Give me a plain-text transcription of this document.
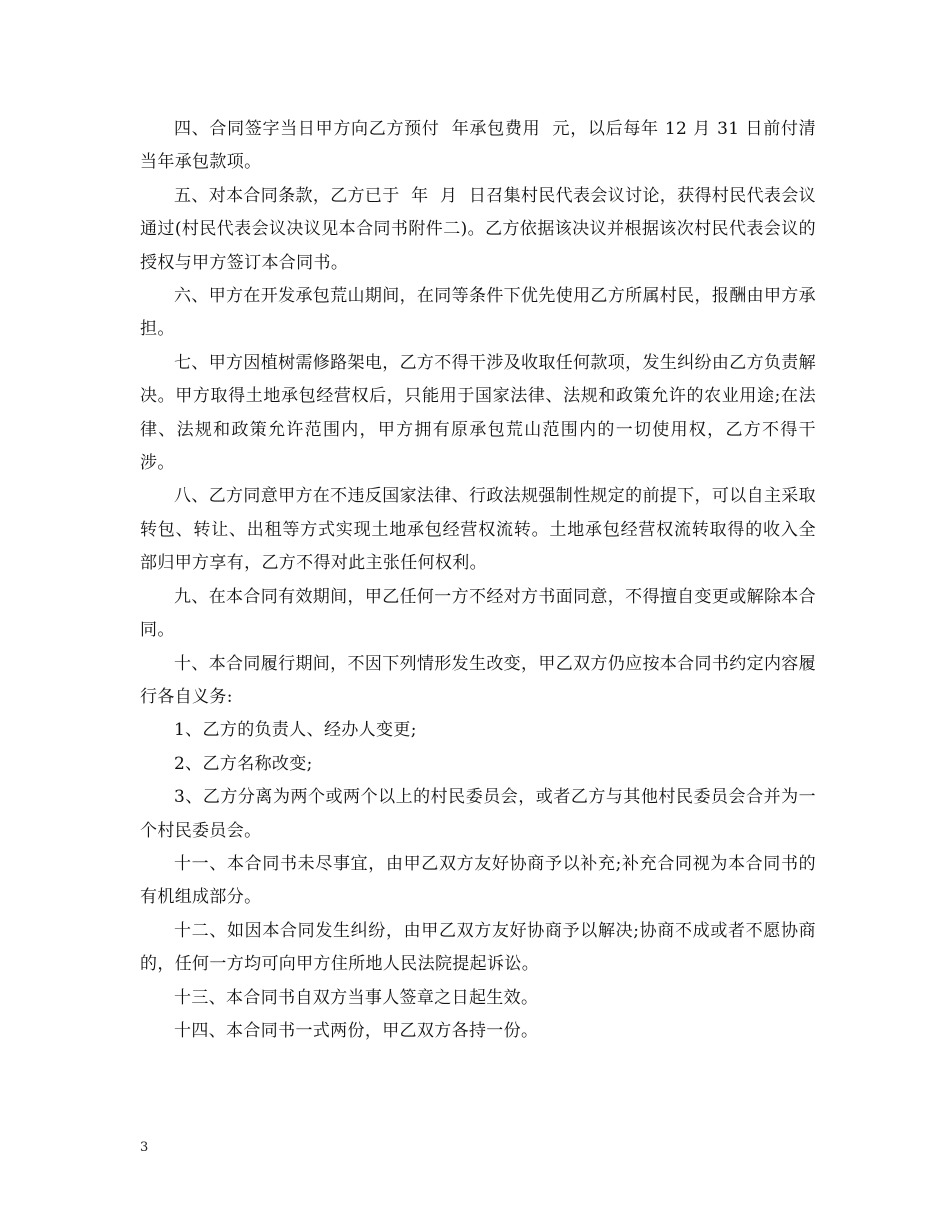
四、合同签字当日甲方向乙方预付  年承包费用  元，以后每年 12 月 31 日前付清当年承包款项。

五、对本合同条款，乙方已于  年  月  日召集村民代表会议讨论，获得村民代表会议通过(村民代表会议决议见本合同书附件二)。乙方依据该决议并根据该次村民代表会议的授权与甲方签订本合同书。

六、甲方在开发承包荒山期间，在同等条件下优先使用乙方所属村民，报酬由甲方承担。

七、甲方因植树需修路架电，乙方不得干涉及收取任何款项，发生纠纷由乙方负责解决。甲方取得土地承包经营权后，只能用于国家法律、法规和政策允许的农业用途;在法律、法规和政策允许范围内，甲方拥有原承包荒山范围内的一切使用权，乙方不得干涉。

八、乙方同意甲方在不违反国家法律、行政法规强制性规定的前提下，可以自主采取转包、转让、出租等方式实现土地承包经营权流转。土地承包经营权流转取得的收入全部归甲方享有，乙方不得对此主张任何权利。

九、在本合同有效期间，甲乙任何一方不经对方书面同意，不得擅自变更或解除本合同。

十、本合同履行期间，不因下列情形发生改变，甲乙双方仍应按本合同书约定内容履行各自义务:

1、乙方的负责人、经办人变更;

2、乙方名称改变;

3、乙方分离为两个或两个以上的村民委员会，或者乙方与其他村民委员会合并为一个村民委员会。

十一、本合同书未尽事宜，由甲乙双方友好协商予以补充;补充合同视为本合同书的有机组成部分。

十二、如因本合同发生纠纷，由甲乙双方友好协商予以解决;协商不成或者不愿协商的，任何一方均可向甲方住所地人民法院提起诉讼。

十三、本合同书自双方当事人签章之日起生效。

十四、本合同书一式两份，甲乙双方各持一份。

3
